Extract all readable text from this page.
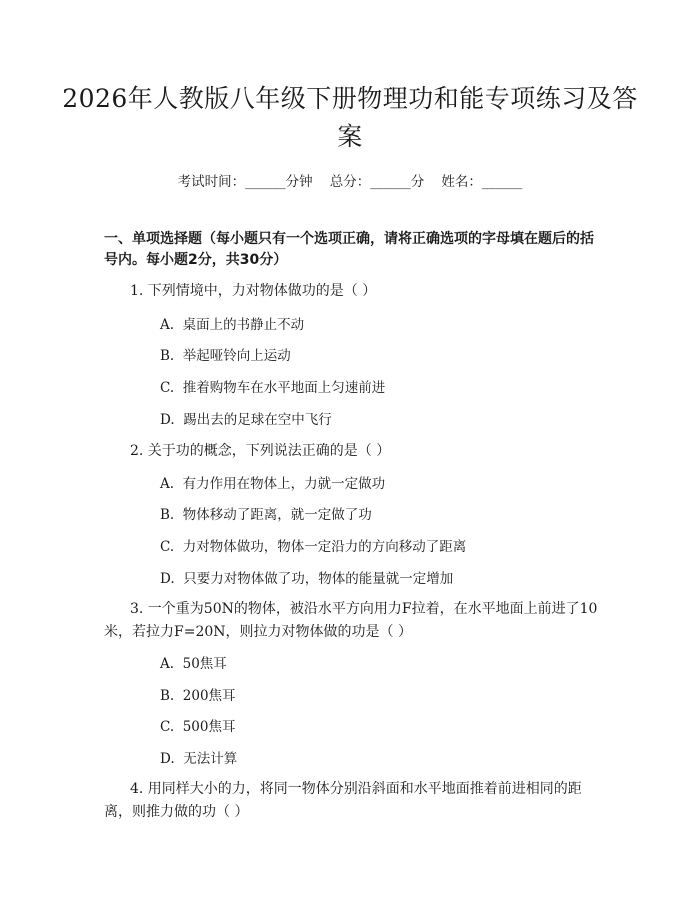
2026年人教版八年级下册物理功和能专项练习及答案
考试时间：______分钟    总分：______分    姓名：______
一、单项选择题（每小题只有一个选项正确，请将正确选项的字母填在题后的括号内。每小题2分，共30分）
1. 下列情境中，力对物体做功的是（ ）
A.  桌面上的书静止不动
B.  举起哑铃向上运动
C.  推着购物车在水平地面上匀速前进
D.  踢出去的足球在空中飞行
2. 关于功的概念，下列说法正确的是（ ）
A.  有力作用在物体上，力就一定做功
B.  物体移动了距离，就一定做了功
C.  力对物体做功，物体一定沿力的方向移动了距离
D.  只要力对物体做了功，物体的能量就一定增加
3. 一个重为50N的物体，被沿水平方向用力F拉着，在水平地面上前进了10米，若拉力F=20N，则拉力对物体做的功是（ ）
A.  50焦耳
B.  200焦耳
C.  500焦耳
D.  无法计算
4. 用同样大小的力，将同一物体分别沿斜面和水平地面推着前进相同的距离，则推力做的功（ ）
